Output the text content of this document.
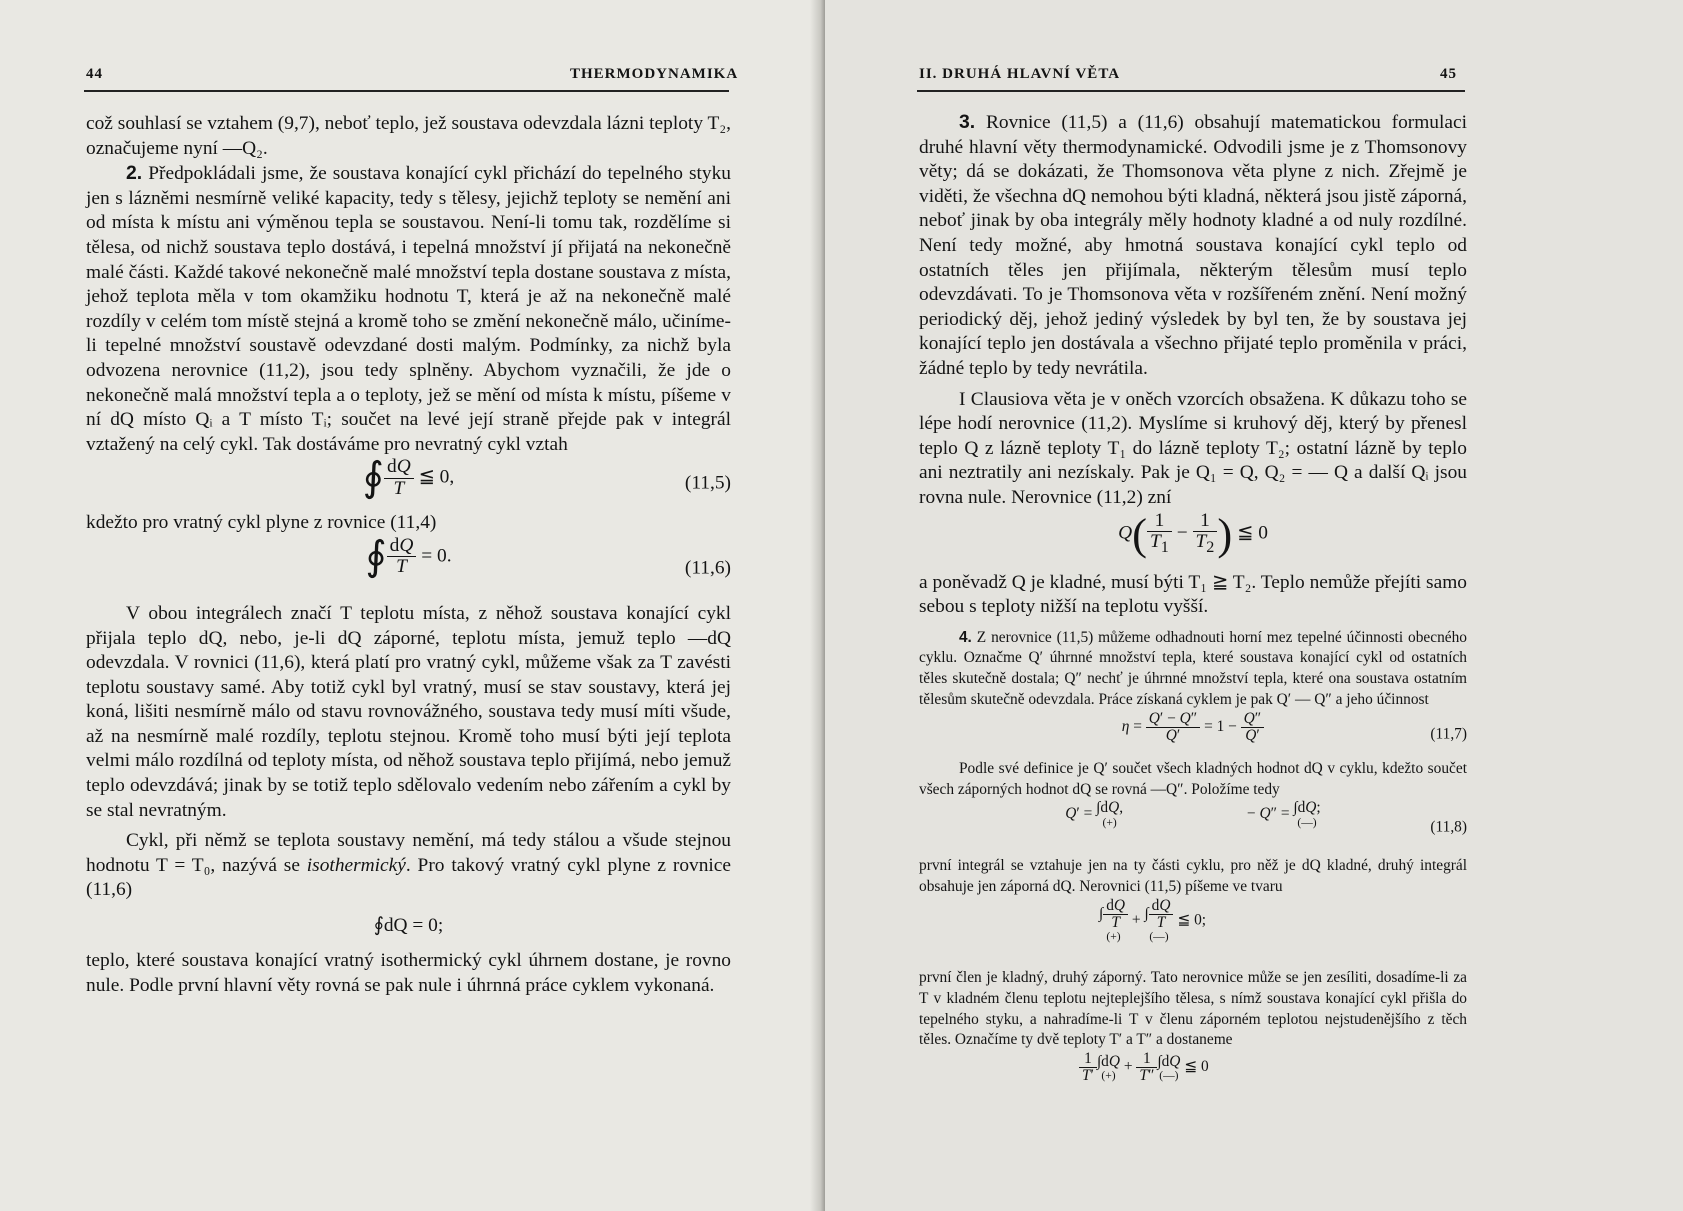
44	THERMODYNAMIKA

což souhlasí se vztahem (9,7), neboť teplo, jež soustava odevzdala lázni teploty T₂, označujeme nyní —Q₂.

2. Předpokládali jsme, že soustava konající cykl přichází do tepelného styku jen s lázněmi nesmírně veliké kapacity, tedy s tělesy, jejichž teploty se nemění ani od místa k místu ani výměnou tepla se soustavou. Není-li tomu tak, rozdělíme si tělesa, od nichž soustava teplo dostává, i tepelná množství jí přijatá na nekonečně malé části. Každé takové nekonečně malé množství tepla dostane soustava z místa, jehož teplota měla v tom okamžiku hodnotu T, která je až na nekonečně malé rozdíly v celém tom místě stejná a kromě toho se změní nekonečně málo, učiníme-li tepelné množství soustavě odevzdané dosti malým. Podmínky, za nichž byla odvozena nerovnice (11,2), jsou tedy splněny. Abychom vyznačili, že jde o nekonečně malá množství tepla a o teploty, jež se mění od místa k místu, píšeme v ní dQ místo Qᵢ a T místo Tᵢ; součet na levé její straně přejde pak v integrál vztažený na celý cykl. Tak dostáváme pro nevratný cykl vztah

∮ $\frac{dQ}{T}$ ≦ 0,	(11,5)

kdežto pro vratný cykl plyne z rovnice (11,4)

∮ $\frac{dQ}{T} = 0$.
(11,6)

V obou integrálech značí T teplotu místa, z něhož soustava konající cykl přijala teplo dQ, nebo, je-li dQ záporné, teplotu místa, jemuž teplo —dQ odevzdala. V rovnici (11,6), která platí pro vratný cykl, můžeme však za T zavésti teplotu soustavy samé. Aby totiž cykl byl vratný, musí se stav soustavy, která jej koná, lišiti nesmírně málo od stavu rovnovážného, soustava tedy musí míti všude, až na nesmírně malé rozdíly, teplotu stejnou. Kromě toho musí býti její teplota velmi málo rozdílná od teploty místa, od něhož soustava teplo přijímá, nebo jemuž teplo odevzdává; jinak by se totiž teplo sdělovalo vedením nebo zářením a cykl by se stal nevratným.

Cykl, při němž se teplota soustavy nemění, má tedy stálou a všude stejnou hodnotu T = T₀, nazývá se isothermický. Pro takový vratný cykl plyne z rovnice (11,6)

∮dQ = 0;

teplo, které soustava konající vratný isothermický cykl úhrnem dostane, je rovno nule. Podle první hlavní věty rovná se pak nule i úhrnná práce cyklem vykonaná.

II. DRUHÁ HLAVNÍ VĚTA	45

3. Rovnice (11,5) a (11,6) obsahují matematickou formulaci druhé hlavní věty thermodynamické. Odvodili jsme je z Thomsonovy věty; dá se dokázati, že Thomsonova věta plyne z nich. Zřejmě je viděti, že všechna dQ nemohou býti kladná, některá jsou jistě záporná, neboť jinak by oba integrály měly hodnoty kladné a od nuly rozdílné. Není tedy možné, aby hmotná soustava konající cykl teplo od ostatních těles jen přijímala, některým tělesům musí teplo odevzdávati. To je Thomsonova věta v rozšířeném znění. Není možný periodický děj, jehož jediný výsledek by byl ten, že by soustava jej konající teplo jen dostávala a všechno přijaté teplo proměnila v práci, žádné teplo by tedy nevrátila.

I Clausiova věta je v oněch vzorcích obsažena. K důkazu toho se lépe hodí nerovnice (11,2). Myslíme si kruhový děj, který by přenesl teplo Q z lázně teploty T₁ do lázně teploty T₂; ostatní lázně by teplo ani neztratily ani nezískaly. Pak je Q₁ = Q, Q₂ = — Q a další Qᵢ jsou rovna nule. Nerovnice (11,2) zní

$Q( \frac{1}{T_1} - \frac{1}{T_2}$ ) ≦ 0

a poněvadž Q je kladné, musí býti T₁ ≧ T₂. Teplo nemůže přejíti samo sebou s teploty nižší na teplotu vyšší.

4. Z nerovnice (11,5) můžeme odhadnouti horní mez tepelné účinnosti obecného cyklu. Označme Q′ úhrnné množství tepla, které soustava konající cykl od ostatních těles skutečně dostala; Q″ nechť je úhrnné množství tepla, které ona soustava ostatním tělesům skutečně odevzdala. Práce získaná cyklem je pak Q′ — Q″ a jeho účinnost

$\eta = \frac{Q' - Q''}{Q'} = 1 - \frac{Q''}{Q'}$	(11,7)

Podle své definice je Q′ součet všech kladných hodnot dQ v cyklu, kdežto součet všech záporných hodnot dQ se rovná —Q″. Položíme tedy

Q′ = ∫dQ,
(+)
− Q″ = ∫dQ;
(—)	(11,8)

první integrál se vztahuje jen na ty části cyklu, pro něž je dQ kladné, druhý integrál obsahuje jen záporná dQ. Nerovnici (11,5) píšeme ve tvaru

∫ $\frac{dQ}{T}$
(+)
+ ∫ $\frac{dQ}{T}$
(—)
≦ 0;

první člen je kladný, druhý záporný. Tato nerovnice může se jen zesíliti, dosadíme-li za T v kladném členu teplotu nejteplejšího tělesa, s nímž soustava konající cykl přišla do tepelného styku, a nahradíme-li T v členu záporném teplotou nejstudenějšího z těch těles. Označíme ty dvě teploty T′ a T″ a dostaneme

$\frac{1}{T'} \int dQ$
(+)
+ $\frac{1}{T''} \int dQ$
(—)
≦ 0
